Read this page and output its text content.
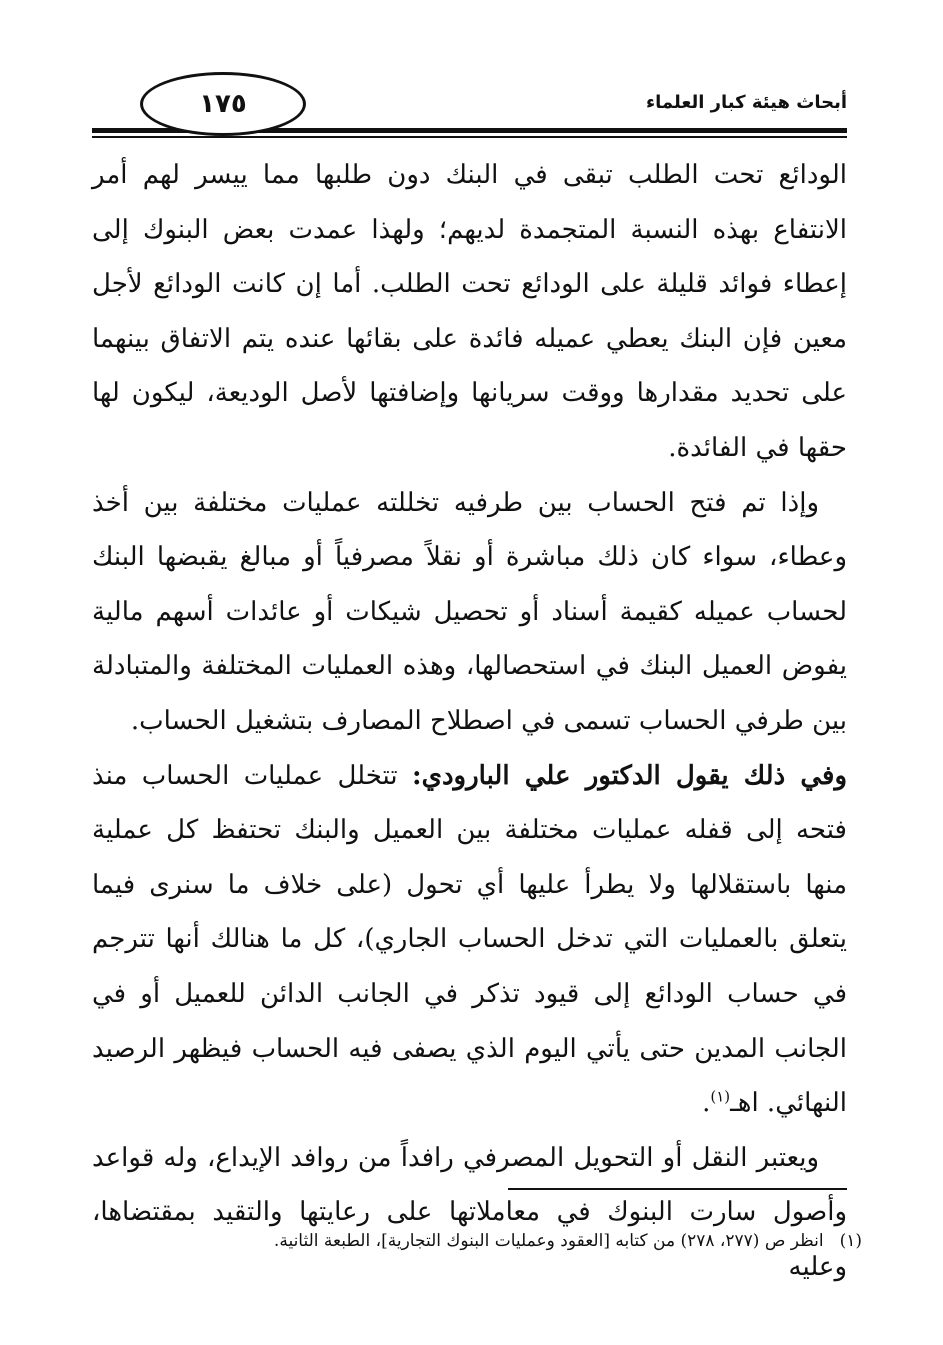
١٧٥	أبحاث هيئة كبار العلماء

الودائع تحت الطلب تبقى في البنك دون طلبها مما ييسر لهم أمر الانتفاع بهذه النسبة المتجمدة لديهم؛ ولهذا عمدت بعض البنوك إلى إعطاء فوائد قليلة على الودائع تحت الطلب. أما إن كانت الودائع لأجل معين فإن البنك يعطي عميله فائدة على بقائها عنده يتم الاتفاق بينهما على تحديد مقدارها ووقت سريانها وإضافتها لأصل الوديعة، ليكون لها حقها في الفائدة.

وإذا تم فتح الحساب بين طرفيه تخللته عمليات مختلفة بين أخذ وعطاء، سواء كان ذلك مباشرة أو نقلاً مصرفياً أو مبالغ يقبضها البنك لحساب عميله كقيمة أسناد أو تحصيل شيكات أو عائدات أسهم مالية يفوض العميل البنك في استحصالها، وهذه العمليات المختلفة والمتبادلة بين طرفي الحساب تسمى في اصطلاح المصارف بتشغيل الحساب.

وفي ذلك يقول الدكتور علي البارودي: تتخلل عمليات الحساب منذ فتحه إلى قفله عمليات مختلفة بين العميل والبنك تحتفظ كل عملية منها باستقلالها ولا يطرأ عليها أي تحول (على خلاف ما سنرى فيما يتعلق بالعمليات التي تدخل الحساب الجاري)، كل ما هنالك أنها تترجم في حساب الودائع إلى قيود تذكر في الجانب الدائن للعميل أو في الجانب المدين حتى يأتي اليوم الذي يصفى فيه الحساب فيظهر الرصيد النهائي. اهـ$^{(١)}$.

ويعتبر النقل أو التحويل المصرفي رافداً من روافد الإيداع، وله قواعد وأصول سارت البنوك في معاملاتها على رعايتها والتقيد بمقتضاها، وعليه

(١)انظر ص (٢٧٧، ٢٧٨) من كتابه [العقود وعمليات البنوك التجارية]، الطبعة الثانية.
